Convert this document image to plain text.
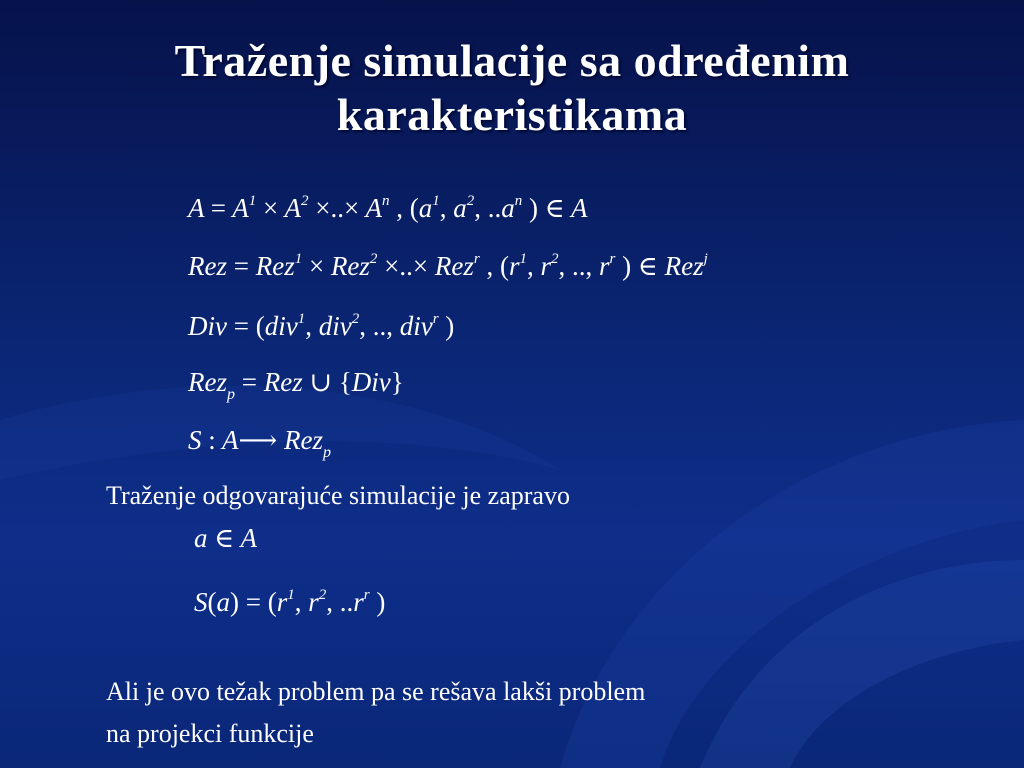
Traženje simulacije sa određenim karakteristikama
$A = A^1 \times A^2$ ×..× $A^n$ , ($a^1$, $a^2$, $..a^n$ ) ∈ A
Rez = Rez$^1$ × Rez$^2$ ×..× Rez$^r$ , ($r^1$, $r^2$, .., $r^r$ ) ∈ Rez$^j$
Div = (div$^1$, div$^2$, .., div$^r$ )
Rez$_p$ = Rez ∪ {Div}
S : A⟶ Rez$_p$
Traženje odgovarajuće simulacije je zapravo
a ∈ A
$S(a) = (r^1$, $r^2$, $..r^r$ )
Ali je ovo težak problem pa se rešava lakši problem
na projekci funkcije
